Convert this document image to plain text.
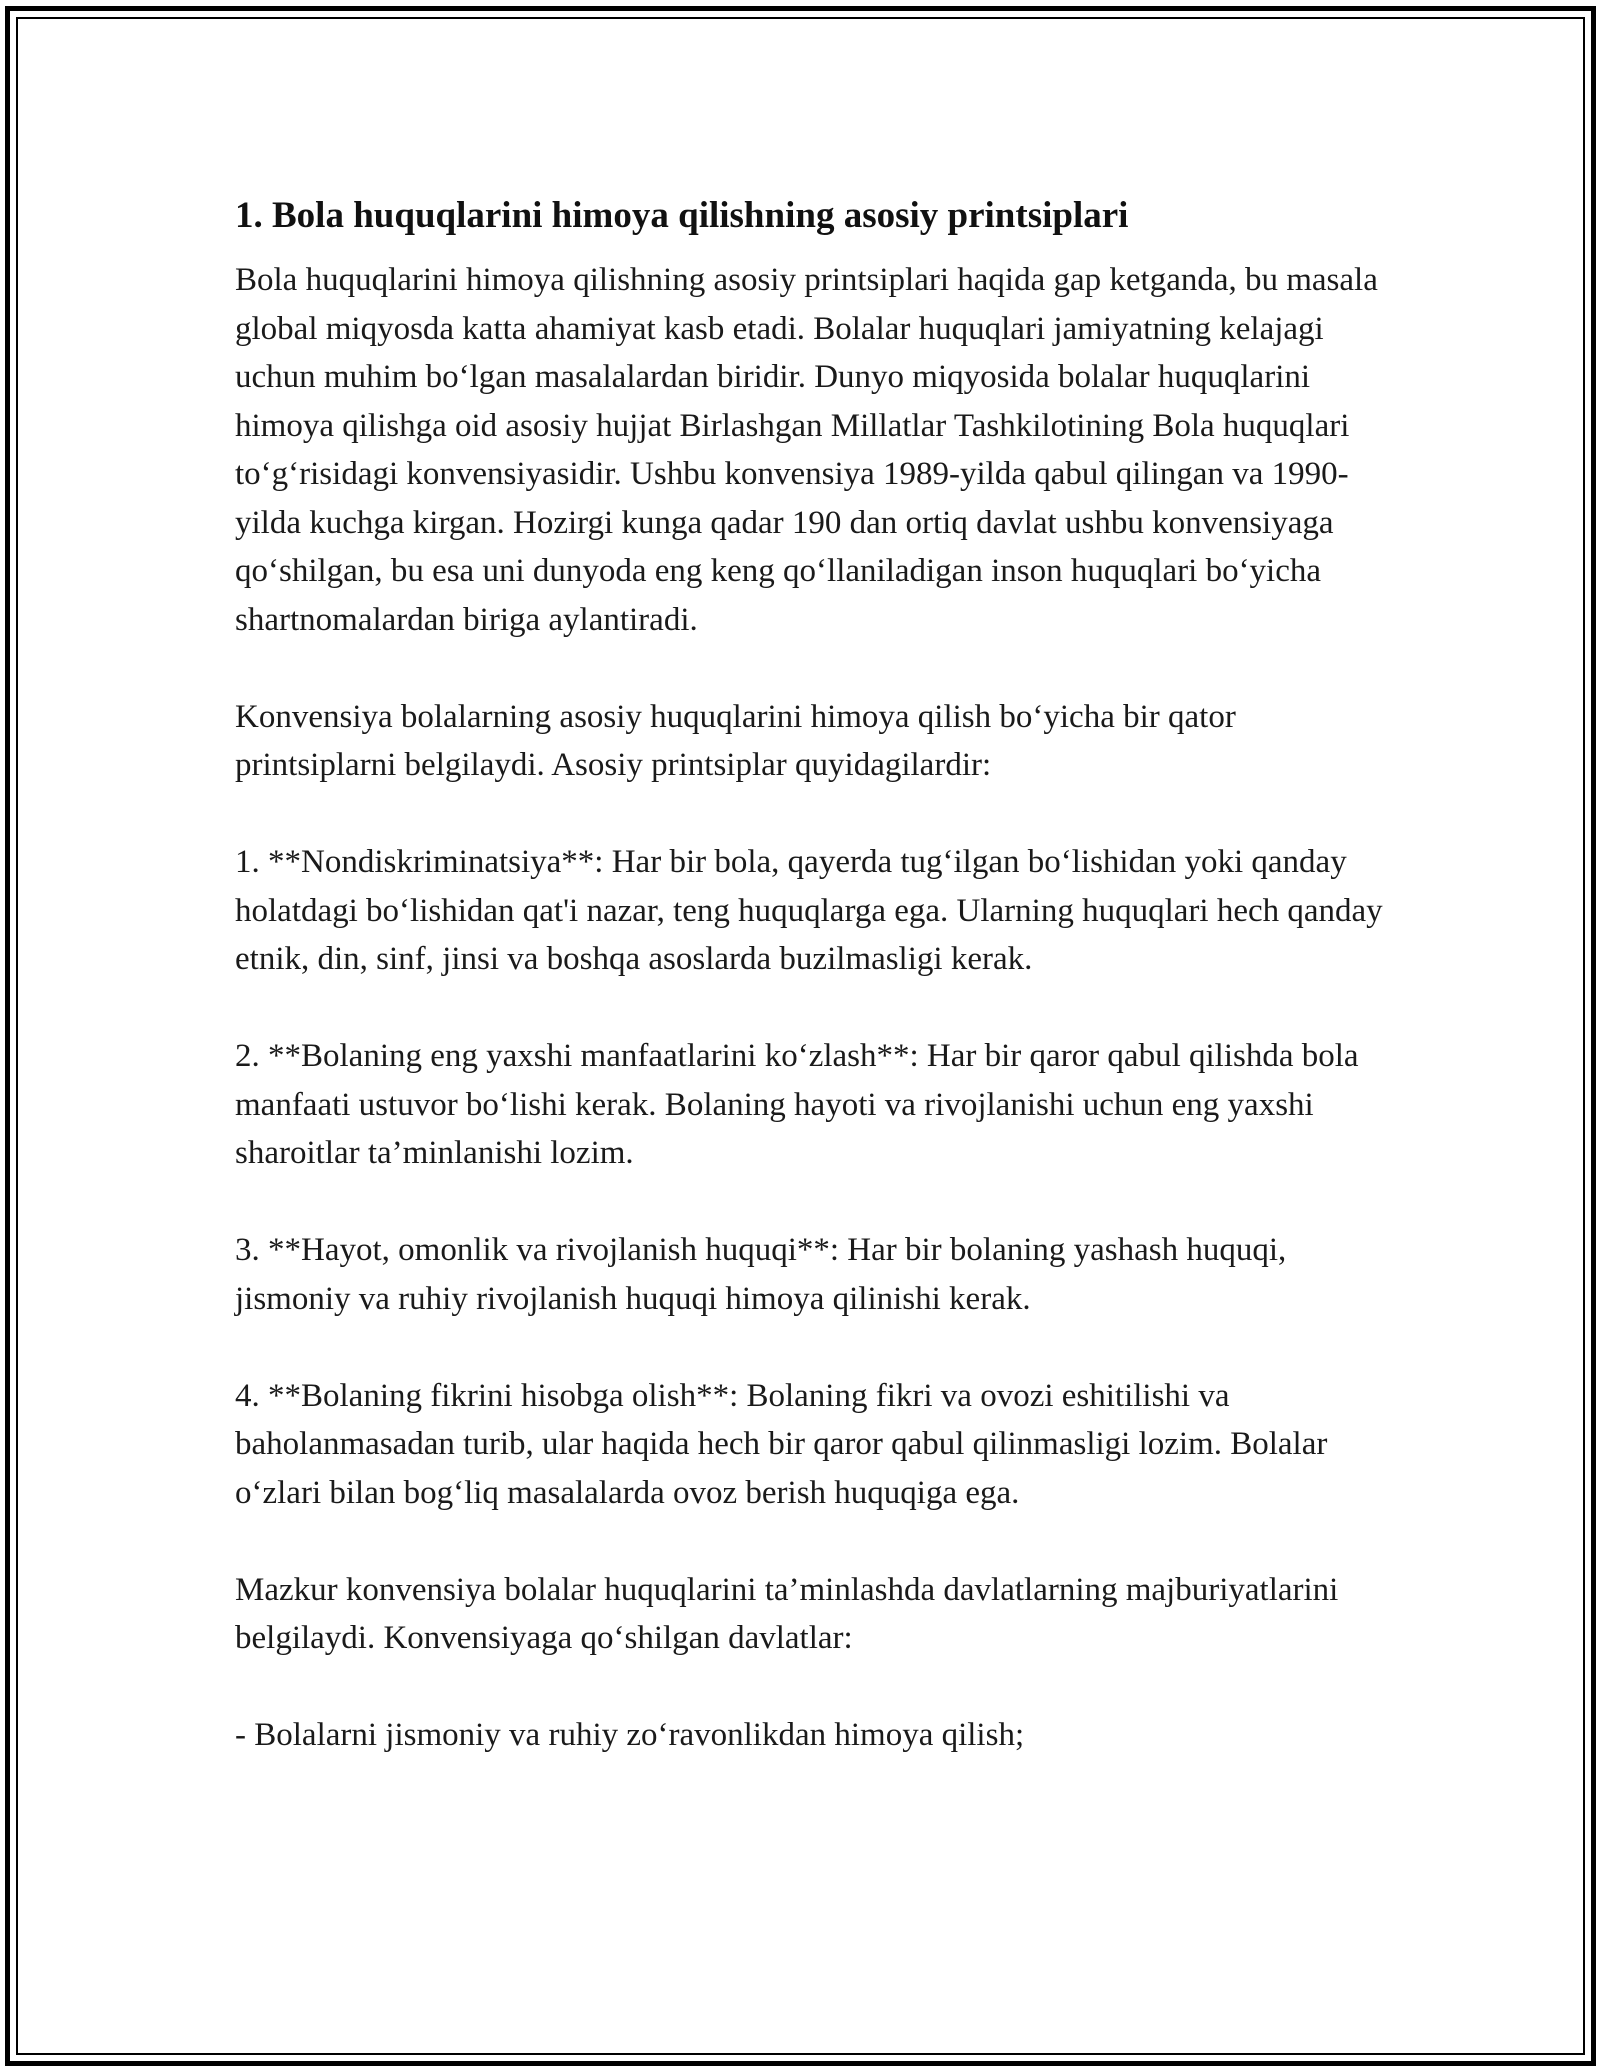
1. Bola huquqlarini himoya qilishning asosiy printsiplari

Bola huquqlarini himoya qilishning asosiy printsiplari haqida gap ketganda, bu masala global miqyosda katta ahamiyat kasb etadi. Bolalar huquqlari jamiyatning kelajagi uchun muhim bo‘lgan masalalardan biridir. Dunyo miqyosida bolalar huquqlarini himoya qilishga oid asosiy hujjat Birlashgan Millatlar Tashkilotining Bola huquqlari to‘g‘risidagi konvensiyasidir. Ushbu konvensiya 1989-yilda qabul qilingan va 1990-yilda kuchga kirgan. Hozirgi kunga qadar 190 dan ortiq davlat ushbu konvensiyaga qo‘shilgan, bu esa uni dunyoda eng keng qo‘llaniladigan inson huquqlari bo‘yicha shartnomalardan biriga aylantiradi.

Konvensiya bolalarning asosiy huquqlarini himoya qilish bo‘yicha bir qator printsiplarni belgilaydi. Asosiy printsiplar quyidagilardir:

1. **Nondiskriminatsiya**: Har bir bola, qayerda tug‘ilgan bo‘lishidan yoki qanday holatdagi bo‘lishidan qat'i nazar, teng huquqlarga ega. Ularning huquqlari hech qanday etnik, din, sinf, jinsi va boshqa asoslarda buzilmasligi kerak.

2. **Bolaning eng yaxshi manfaatlarini ko‘zlash**: Har bir qaror qabul qilishda bola manfaati ustuvor bo‘lishi kerak. Bolaning hayoti va rivojlanishi uchun eng yaxshi sharoitlar ta’minlanishi lozim.

3. **Hayot, omonlik va rivojlanish huquqi**: Har bir bolaning yashash huquqi, jismoniy va ruhiy rivojlanish huquqi himoya qilinishi kerak.

4. **Bolaning fikrini hisobga olish**: Bolaning fikri va ovozi eshitilishi va baholanmasadan turib, ular haqida hech bir qaror qabul qilinmasligi lozim. Bolalar o‘zlari bilan bog‘liq masalalarda ovoz berish huquqiga ega.

Mazkur konvensiya bolalar huquqlarini ta’minlashda davlatlarning majburiyatlarini belgilaydi. Konvensiyaga qo‘shilgan davlatlar:

- Bolalarni jismoniy va ruhiy zo‘ravonlikdan himoya qilish;
